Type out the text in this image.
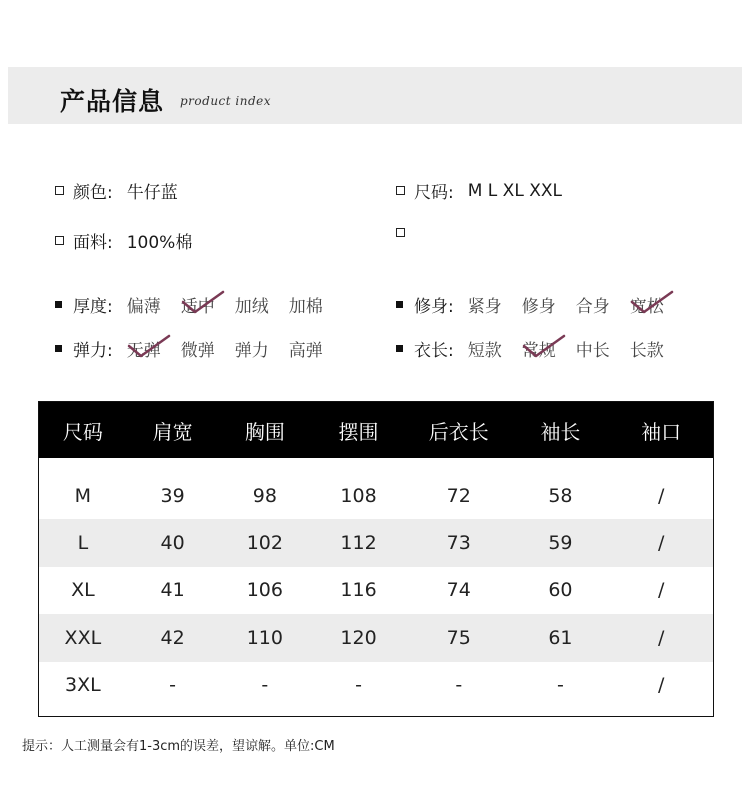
产品信息 product index
颜色: 牛仔蓝	尺码: M L XL XXL
面料: 100%棉
厚度: 偏薄 适中 加绒 加棉	修身: 紧身 修身 合身 宽松
弹力: 无弹 微弹 弹力 高弹	衣长: 短款 常规 中长 长款
尺码	肩宽	胸围	摆围	后衣长	袖长	袖口
M	39	98	108	72	58	/
L	40	102	112	73	59	/
XL	41	106	116	74	60	/
XXL	42	110	120	75	61	/
3XL	-	-	-	-	-	/
提示：人工测量会有1-3cm的误差，望谅解。单位:CM
